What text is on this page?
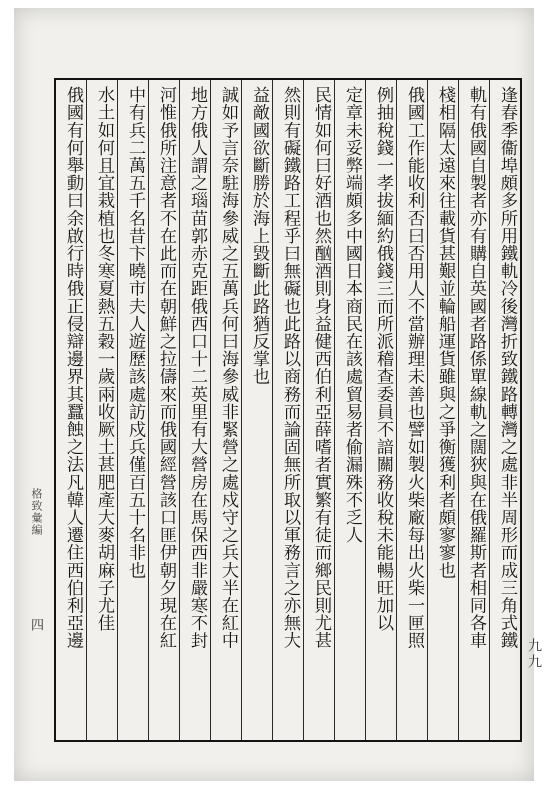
逢春季衞埠頗多所用鐵軌冷後灣折致鐵路轉灣之處非半周形而成三角式鐵
軌有俄國自製者亦有購自英國者路係單線軌之闊狹與在俄羅斯者相同各車
棧相隔太遠來往載貨甚艱並輪船運貨雖與之爭衡獲利者頗寥寥也
俄國工作能收利否曰否用人不當辦理未善也譬如製火柴廠每出火柴一匣照
例抽稅錢一孝拔緬約俄錢三而所派稽查委員不諳關務收稅未能暢旺加以
定章未妥弊端頗多中國日本商民在該處貿易者偷漏殊不乏人
民情如何曰好酒也然酗酒則身益健西伯利亞薛嗜者實繁有徒而鄉民則尤甚
然則有礙鐵路工程乎曰無礙也此路以商務而論固無所取以軍務言之亦無大
益敵國欲斷勝於海上毀斷此路猶反掌也
誠如予言奈駐海參威之五萬兵何曰海參威非緊營之處戍守之兵大半在紅中
地方俄人謂之瑙苗郭赤克距俄西口十二英里有大營房在馬保西非嚴寒不封
河惟俄所注意者不在此而在朝鮮之拉儔來而俄國經營該口匪伊朝夕現在紅
中有兵二萬五千名昔卞曉市夫人遊歷該處訪戍兵僅百五十名非也
水土如何且宜栽植也冬寒夏熱五穀一歲兩收厥土甚肥產大麥胡麻子尤佳
俄國有何舉動曰余啟行時俄正侵辯邊界其蠶蝕之法凡韓人遷住西伯利亞邊
格致彙編
四
九九
